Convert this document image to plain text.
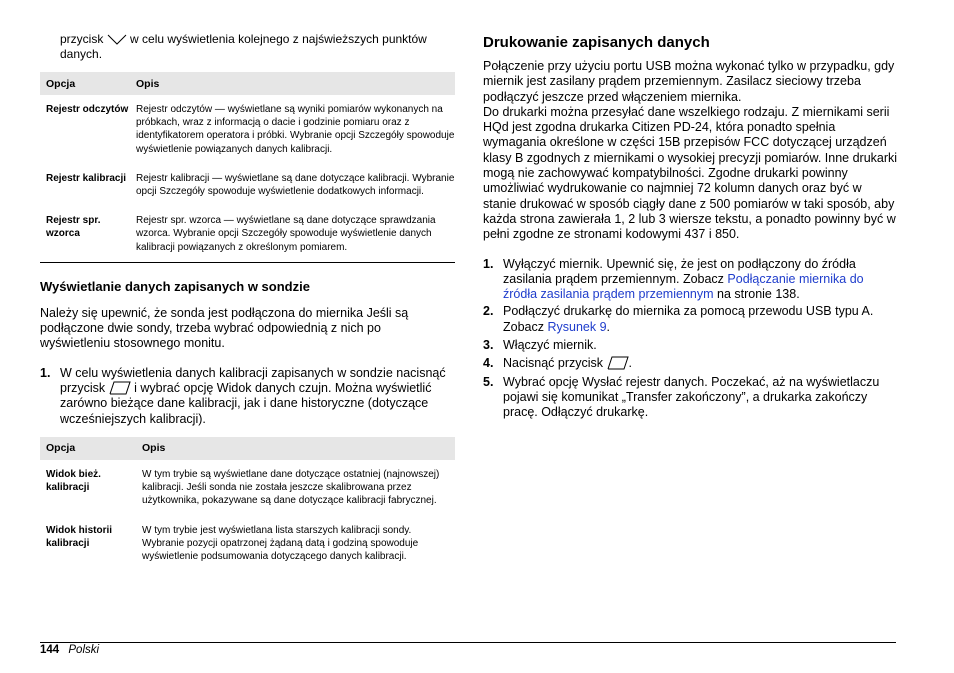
przycisk w celu wyświetlenia kolejnego z najświeższych punktów danych.

Opcja	Opis
Rejestr odczytów	Rejestr odczytów — wyświetlane są wyniki pomiarów wykonanych na próbkach, wraz z informacją o dacie i godzinie pomiaru oraz z identyfikatorem operatora i próbki. Wybranie opcji Szczegóły spowoduje wyświetlenie powiązanych danych kalibracji.
Rejestr kalibracji	Rejestr kalibracji — wyświetlane są dane dotyczące kalibracji. Wybranie opcji Szczegóły spowoduje wyświetlenie dodatkowych informacji.
Rejestr spr. wzorca	Rejestr spr. wzorca — wyświetlane są dane dotyczące sprawdzania wzorca. Wybranie opcji Szczegóły spowoduje wyświetlenie danych kalibracji powiązanych z określonym pomiarem.
Wyświetlanie danych zapisanych w sondzie

Należy się upewnić, że sonda jest podłączona do miernika Jeśli są podłączone dwie sondy, trzeba wybrać odpowiednią z nich po wyświetleniu stosownego monitu.

1. W celu wyświetlenia danych kalibracji zapisanych w sondzie nacisnąć przycisk i wybrać opcję Widok danych czujn. Można wyświetlić zarówno bieżące dane kalibracji, jak i dane historyczne (dotyczące wcześniejszych kalibracji).
Opcja	Opis
Widok bież. kalibracji	W tym trybie są wyświetlane dane dotyczące ostatniej (najnowszej) kalibracji. Jeśli sonda nie została jeszcze skalibrowana przez użytkownika, pokazywane są dane dotyczące kalibracji fabrycznej.
Widok historii kalibracji	W tym trybie jest wyświetlana lista starszych kalibracji sondy. Wybranie pozycji opatrzonej żądaną datą i godziną spowoduje wyświetlenie podsumowania dotyczącego danych kalibracji.
Drukowanie zapisanych danych

Połączenie przy użyciu portu USB można wykonać tylko w przypadku, gdy miernik jest zasilany prądem przemiennym. Zasilacz sieciowy trzeba podłączyć jeszcze przed włączeniem miernika.

Do drukarki można przesyłać dane wszelkiego rodzaju. Z miernikami serii HQd jest zgodna drukarka Citizen PD-24, która ponadto spełnia wymagania określone w części 15B przepisów FCC dotyczącej urządzeń klasy B zgodnych z miernikami o wysokiej precyzji pomiarów. Inne drukarki mogą nie zachowywać kompatybilności. Zgodne drukarki powinny umożliwiać wydrukowanie co najmniej 72 kolumn danych oraz być w stanie drukować w sposób ciągły dane z 500 pomiarów w taki sposób, aby każda strona zawierała 1, 2 lub 3 wiersze tekstu, a ponadto powinny być w pełni zgodne ze stronami kodowymi 437 i 850.

1. Wyłączyć miernik. Upewnić się, że jest on podłączony do źródła zasilania prądem przemiennym. Zobacz Podłączanie miernika do źródła zasilania prądem przemiennym na stronie 138.
2. Podłączyć drukarkę do miernika za pomocą przewodu USB typu A. Zobacz Rysunek 9.
3. Włączyć miernik.
4. Nacisnąć przycisk .
5. Wybrać opcję Wysłać rejestr danych. Poczekać, aż na wyświetlaczu pojawi się komunikat „Transfer zakończony”, a drukarka zakończy pracę. Odłączyć drukarkę.
144 Polski
